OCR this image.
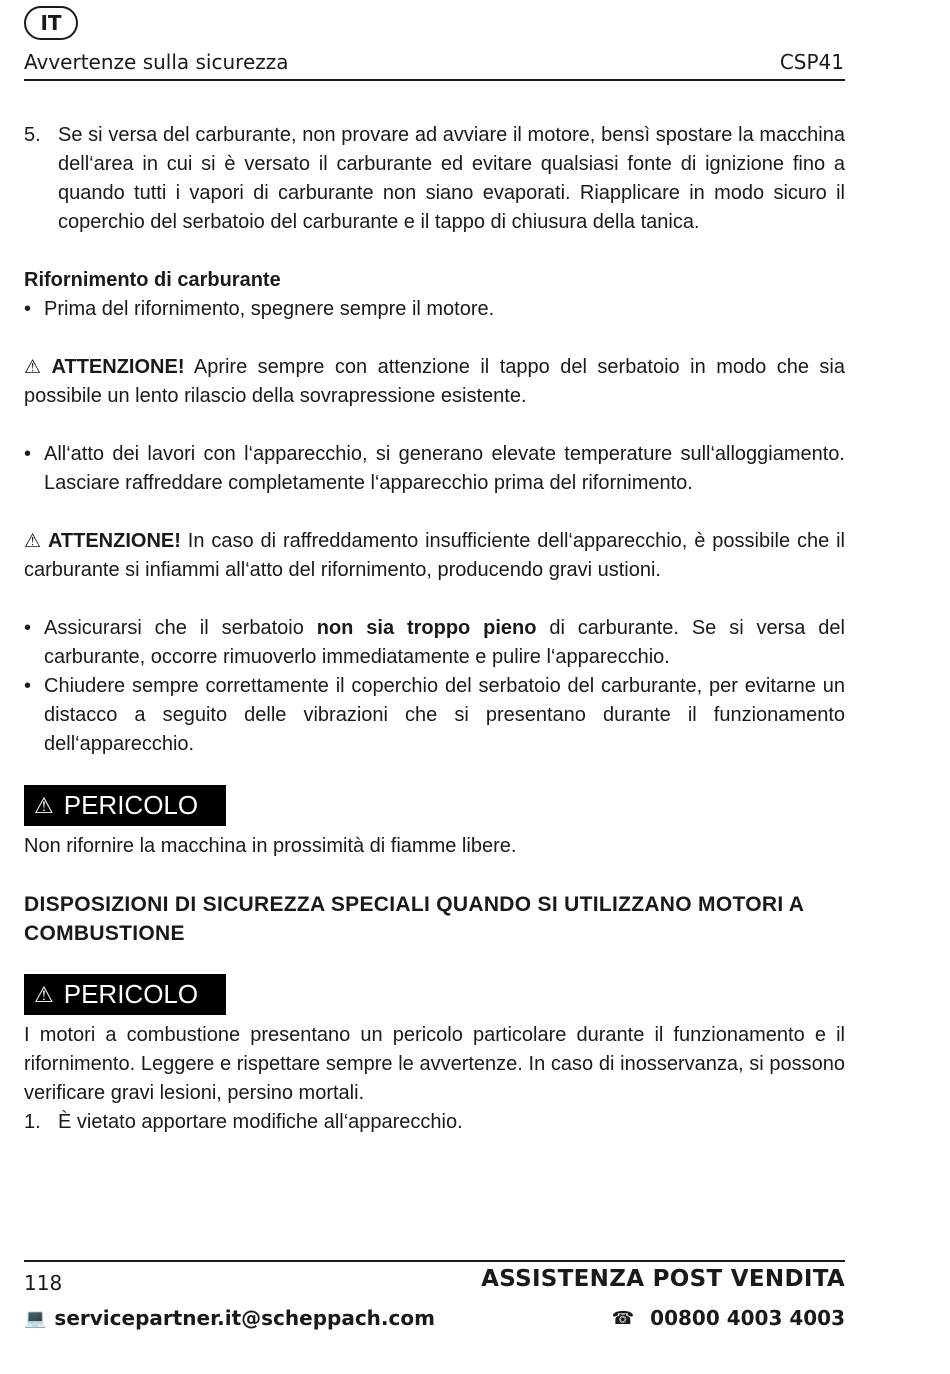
IT
Avvertenze sulla sicurezza	CSP41
5. Se si versa del carburante, non provare ad avviare il motore, bensì spostare la macchina dell‘area in cui si è versato il carburante ed evitare qualsiasi fonte di ignizione fino a quando tutti i vapori di carburante non siano evaporati. Riapplicare in modo sicuro il coperchio del serbatoio del carburante e il tappo di chiusura della tanica.
Rifornimento di carburante
• Prima del rifornimento, spegnere sempre il motore.

⚠ ATTENZIONE! Aprire sempre con attenzione il tappo del serbatoio in modo che sia possibile un lento rilascio della sovrapressione esistente.

• All‘atto dei lavori con l‘apparecchio, si generano elevate temperature sull‘alloggiamento. Lasciare raffreddare completamente l‘apparecchio prima del rifornimento.

⚠ ATTENZIONE! In caso di raffreddamento insufficiente dell‘apparecchio, è possibile che il carburante si infiammi all‘atto del rifornimento, producendo gravi ustioni.

• Assicurarsi che il serbatoio non sia troppo pieno di carburante. Se si versa del carburante, occorre rimuoverlo immediatamente e pulire l‘apparecchio.
• Chiudere sempre correttamente il coperchio del serbatoio del carburante, per evitarne un distacco a seguito delle vibrazioni che si presentano durante il funzionamento dell‘apparecchio.
⚠ PERICOLO

Non rifornire la macchina in prossimità di fiamme libere.

DISPOSIZIONI DI SICUREZZA SPECIALI QUANDO SI UTILIZZANO MOTORI A COMBUSTIONE
⚠ PERICOLO

I motori a combustione presentano un pericolo particolare durante il funzionamento e il rifornimento. Leggere e rispettare sempre le avvertenze. In caso di inosservanza, si possono verificare gravi lesioni, persino mortali.

1. È vietato apportare modifiche all‘apparecchio.
118	ASSISTENZA POST VENDITA
💻 servicepartner.it@scheppach.com	☎ 00800 4003 4003
